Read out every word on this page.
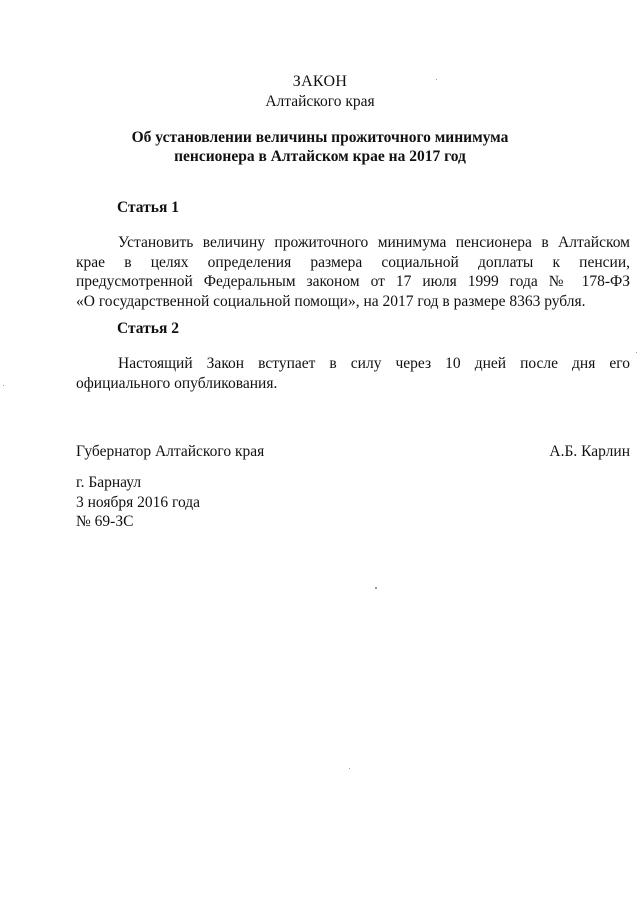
ЗАКОН
Алтайского края
Об установлении величины прожиточного минимума
пенсионера в Алтайском крае на 2017 год
Статья 1
Установить величину прожиточного минимума пенсионера в Алтайском
крае в целях определения размера социальной доплаты к пенсии,
предусмотренной Федеральным законом от 17 июля 1999 года № 178-ФЗ
«О государственной социальной помощи», на 2017 год в размере 8363 рубля.
Статья 2
Настоящий Закон вступает в силу через 10 дней после дня его
официального опубликования.
Губернатор Алтайского края	А.Б. Карлин
г. Барнаул
3 ноября 2016 года
№ 69-ЗС
